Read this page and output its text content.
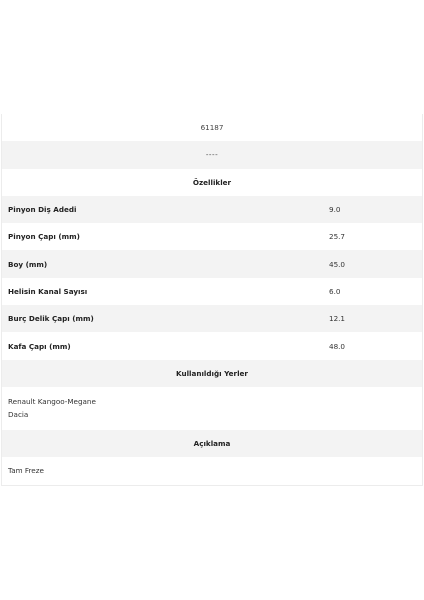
61187
----
Özellikler
Pinyon Diş Adedi	9.0
Pinyon Çapı (mm)	25.7
Boy (mm)	45.0
Helisin Kanal Sayısı	6.0
Burç Delik Çapı (mm)	12.1
Kafa Çapı (mm)	48.0
Kullanıldığı Yerler
Renault Kangoo-Megane
Dacia
Açıklama
Tam Freze
